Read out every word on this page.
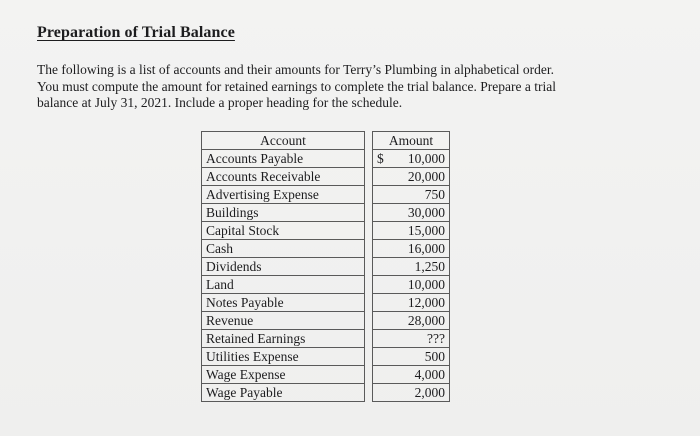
Preparation of Trial Balance
The following is a list of accounts and their amounts for Terry’s Plumbing in alphabetical order.
You must compute the amount for retained earnings to complete the trial balance. Prepare a trial
balance at July 31, 2021. Include a proper heading for the schedule.
Account		Amount
Accounts Payable		$ 10,000

Accounts Receivable		20,000
Advertising Expense		750
Buildings		30,000
Capital Stock		15,000
Cash		16,000
Dividends		1,250
Land		10,000
Notes Payable		12,000
Revenue		28,000
Retained Earnings		???
Utilities Expense		500
Wage Expense		4,000
Wage Payable		2,000
